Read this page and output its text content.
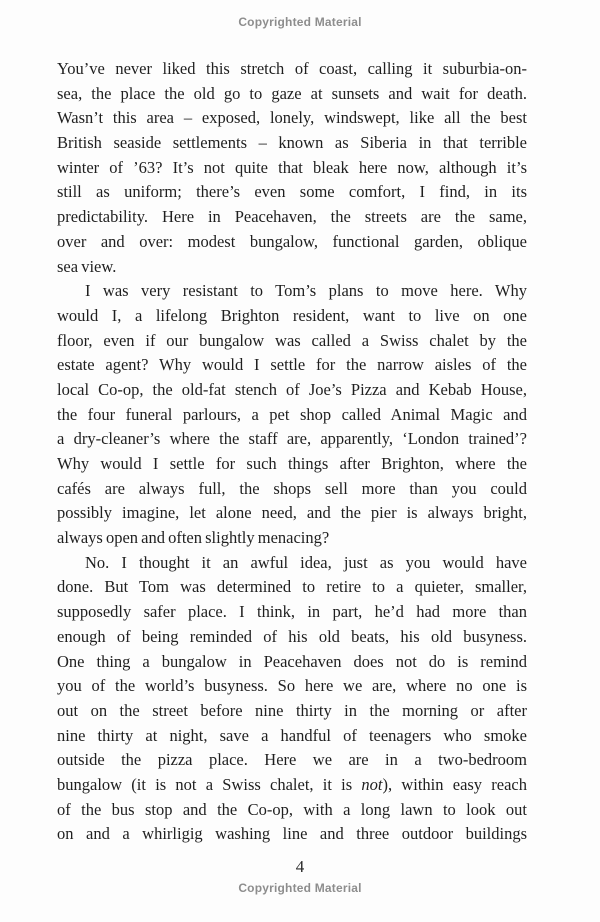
Copyrighted Material
You’ve never liked this stretch of coast, calling it suburbia-on-
sea, the place the old go to gaze at sunsets and wait for death.
Wasn’t this area – exposed, lonely, windswept, like all the best
British seaside settlements – known as Siberia in that terrible
winter of ’63? It’s not quite that bleak here now, although it’s
still as uniform; there’s even some comfort, I find, in its
predictability. Here in Peacehaven, the streets are the same,
over and over: modest bungalow, functional garden, oblique
sea view.
I was very resistant to Tom’s plans to move here. Why
would I, a lifelong Brighton resident, want to live on one
floor, even if our bungalow was called a Swiss chalet by the
estate agent? Why would I settle for the narrow aisles of the
local Co-op, the old-fat stench of Joe’s Pizza and Kebab House,
the four funeral parlours, a pet shop called Animal Magic and
a dry-cleaner’s where the staff are, apparently, ‘London trained’?
Why would I settle for such things after Brighton, where the
cafés are always full, the shops sell more than you could
possibly imagine, let alone need, and the pier is always bright,
always open and often slightly menacing?
No. I thought it an awful idea, just as you would have
done. But Tom was determined to retire to a quieter, smaller,
supposedly safer place. I think, in part, he’d had more than
enough of being reminded of his old beats, his old busyness.
One thing a bungalow in Peacehaven does not do is remind
you of the world’s busyness. So here we are, where no one is
out on the street before nine thirty in the morning or after
nine thirty at night, save a handful of teenagers who smoke
outside the pizza place. Here we are in a two-bedroom
bungalow (it is not a Swiss chalet, it is not), within easy reach
of the bus stop and the Co-op, with a long lawn to look out
on and a whirligig washing line and three outdoor buildings
4
Copyrighted Material
